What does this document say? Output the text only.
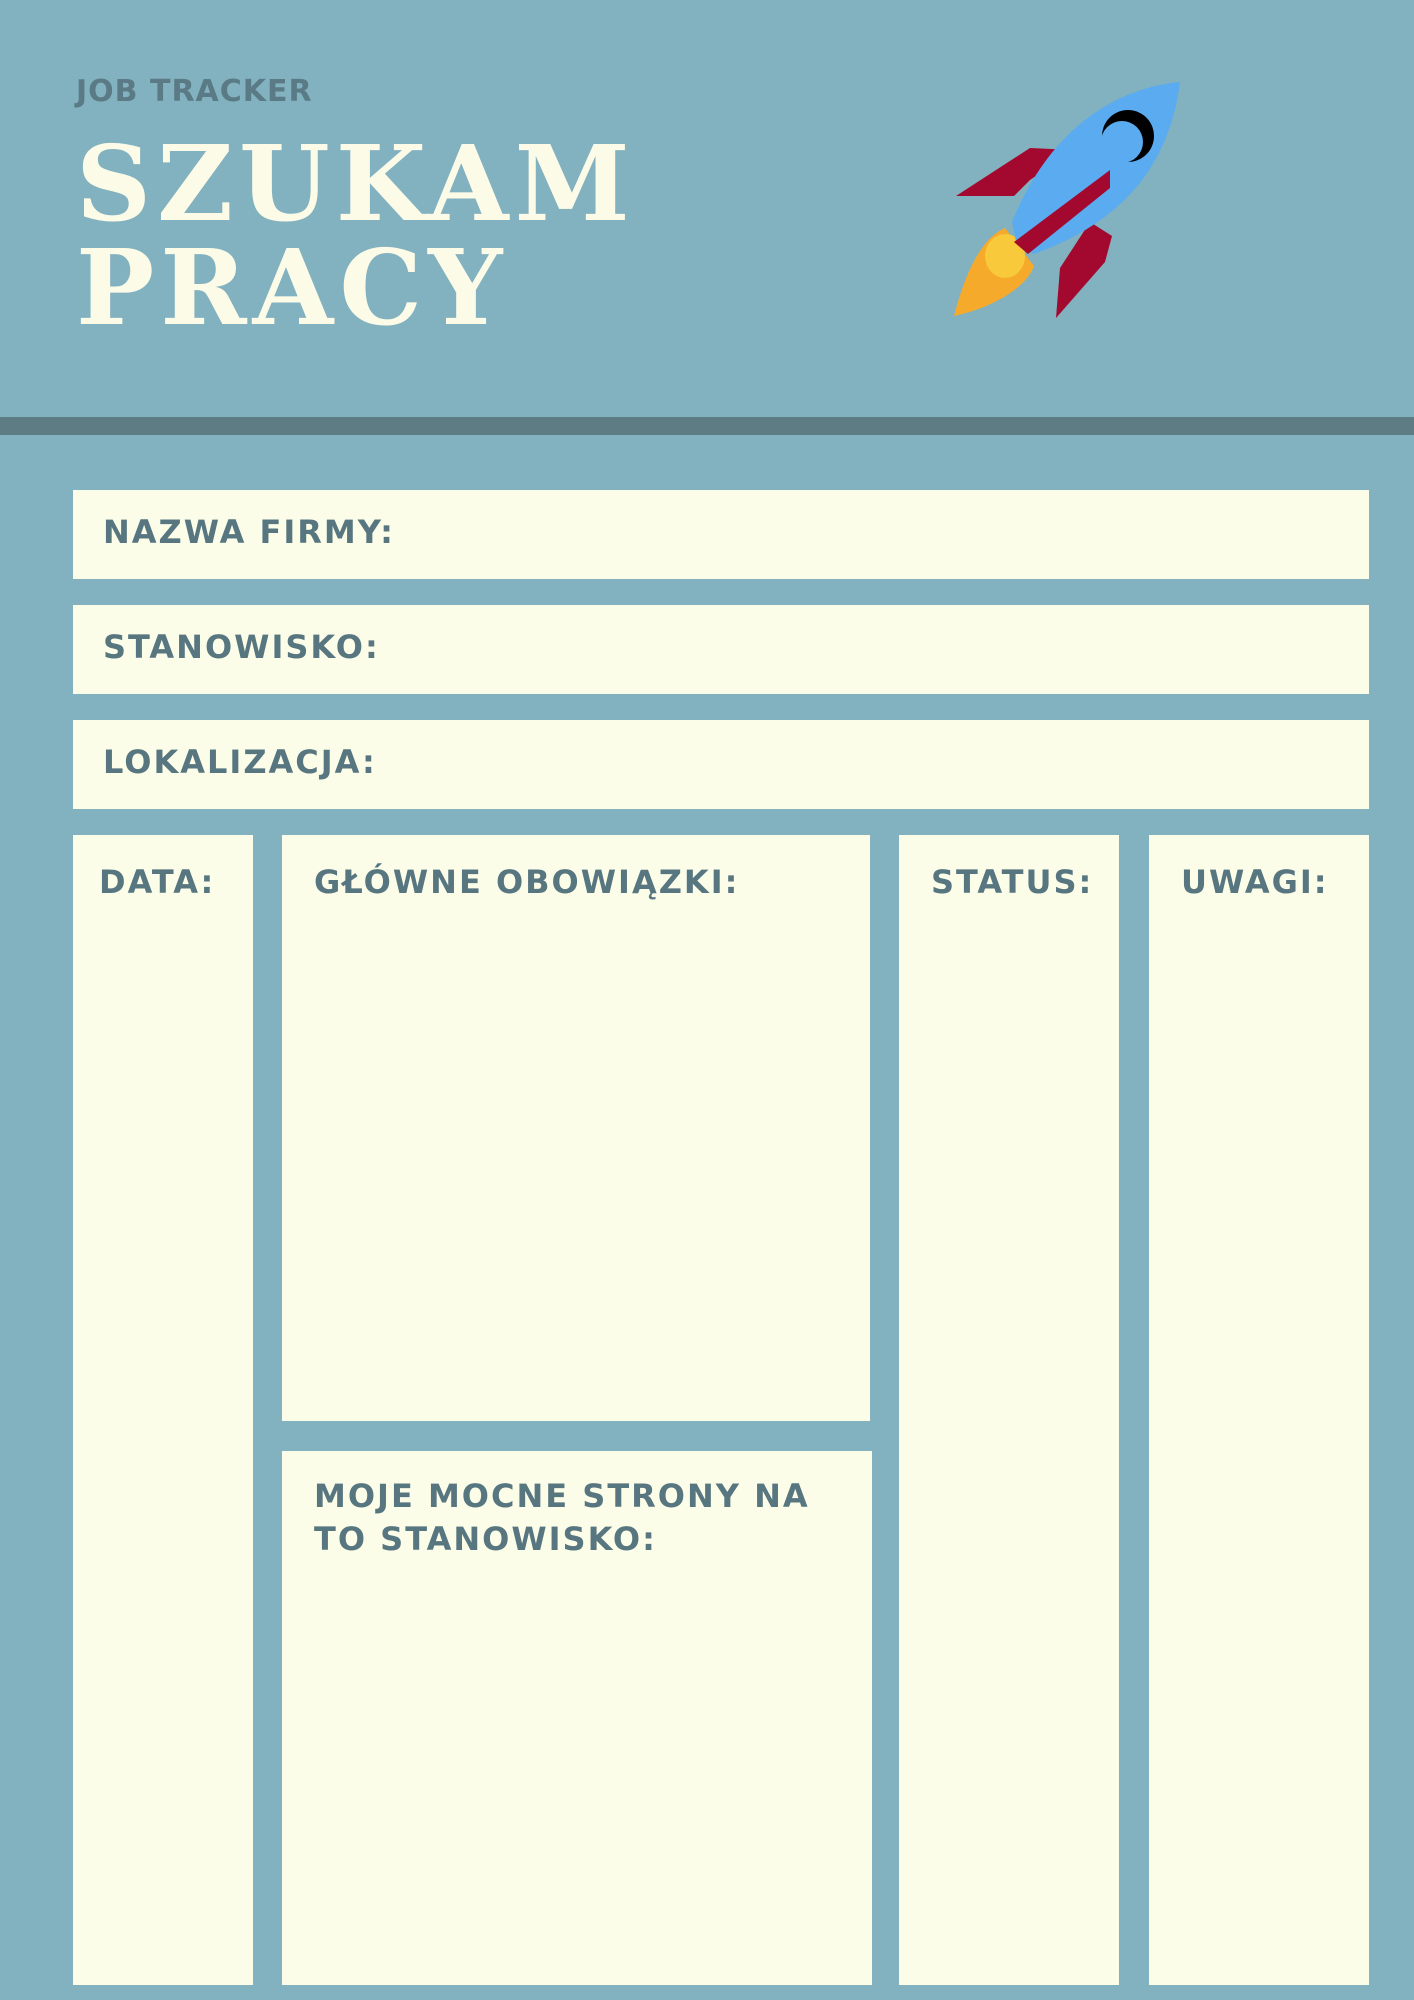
JOB TRACKER
SZUKAM
PRACY
NAZWA FIRMY:
STANOWISKO:
LOKALIZACJA:
DATA:	GŁÓWNE OBOWIĄZKI:
MOJE MOCNE STRONY NA TO STANOWISKO:
STATUS:	UWAGI:
